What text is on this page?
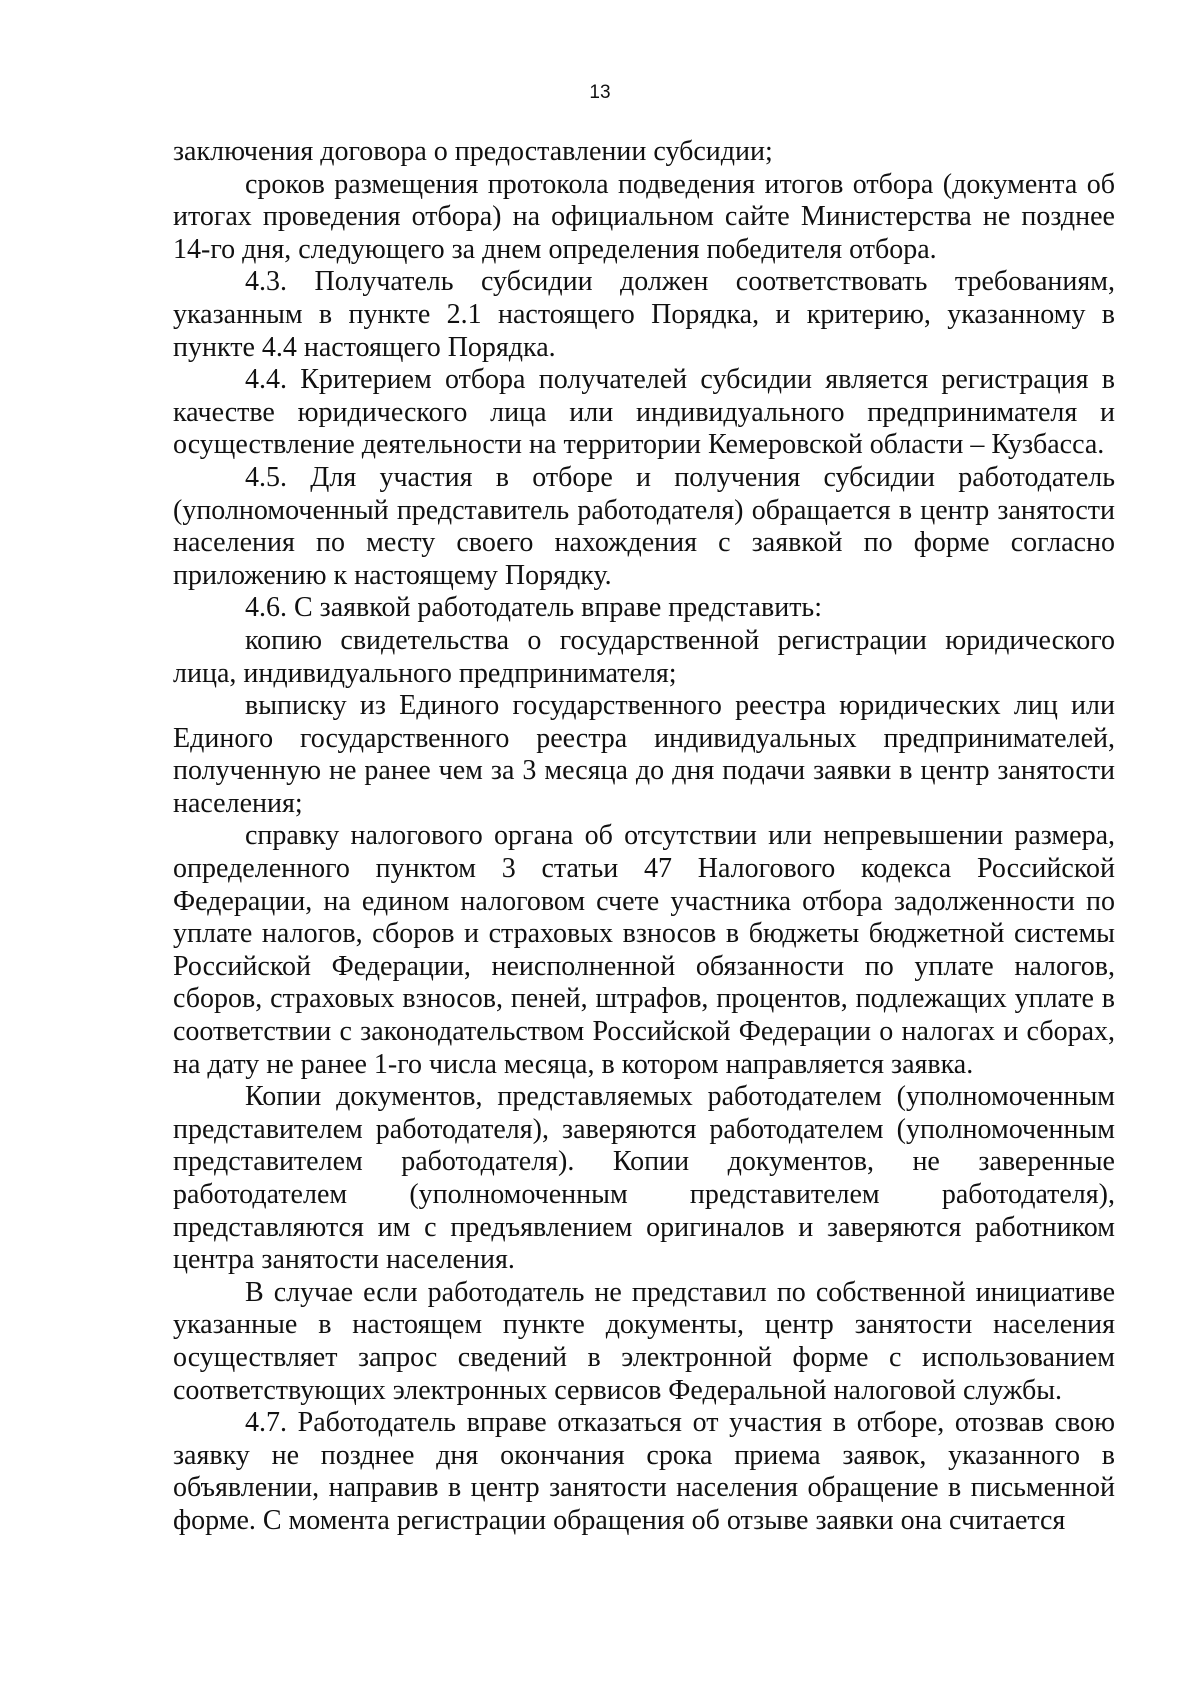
13

заключения договора о предоставлении субсидии;

сроков размещения протокола подведения итогов отбора (документа об итогах проведения отбора) на официальном сайте Министерства не позднее 14-го дня, следующего за днем определения победителя отбора.

4.3. Получатель субсидии должен соответствовать требованиям, указанным в пункте 2.1 настоящего Порядка, и критерию, указанному в пункте 4.4 настоящего Порядка.

4.4. Критерием отбора получателей субсидии является регистрация в качестве юридического лица или индивидуального предпринимателя и осуществление деятельности на территории Кемеровской области – Кузбасса.

4.5. Для участия в отборе и получения субсидии работодатель (уполномоченный представитель работодателя) обращается в центр занятости населения по месту своего нахождения с заявкой по форме согласно приложению к настоящему Порядку.

4.6. С заявкой работодатель вправе представить:

копию свидетельства о государственной регистрации юридического лица, индивидуального предпринимателя;

выписку из Единого государственного реестра юридических лиц или Единого государственного реестра индивидуальных предпринимателей, полученную не ранее чем за 3 месяца до дня подачи заявки в центр занятости населения;

справку налогового органа об отсутствии или непревышении размера, определенного пунктом 3 статьи 47 Налогового кодекса Российской Федерации, на едином налоговом счете участника отбора задолженности по уплате налогов, сборов и страховых взносов в бюджеты бюджетной системы Российской Федерации, неисполненной обязанности по уплате налогов, сборов, страховых взносов, пеней, штрафов, процентов, подлежащих уплате в соответствии с законодательством Российской Федерации о налогах и сборах, на дату не ранее 1-го числа месяца, в котором направляется заявка.

Копии документов, представляемых работодателем (уполномоченным представителем работодателя), заверяются работодателем (уполномоченным представителем работодателя). Копии документов, не заверенные работодателем (уполномоченным представителем работодателя), представляются им с предъявлением оригиналов и заверяются работником центра занятости населения.

В случае если работодатель не представил по собственной инициативе указанные в настоящем пункте документы, центр занятости населения осуществляет запрос сведений в электронной форме с использованием соответствующих электронных сервисов Федеральной налоговой службы.

4.7. Работодатель вправе отказаться от участия в отборе, отозвав свою заявку не позднее дня окончания срока приема заявок, указанного в объявлении, направив в центр занятости населения обращение в письменной форме. С момента регистрации обращения об отзыве заявки она считается
